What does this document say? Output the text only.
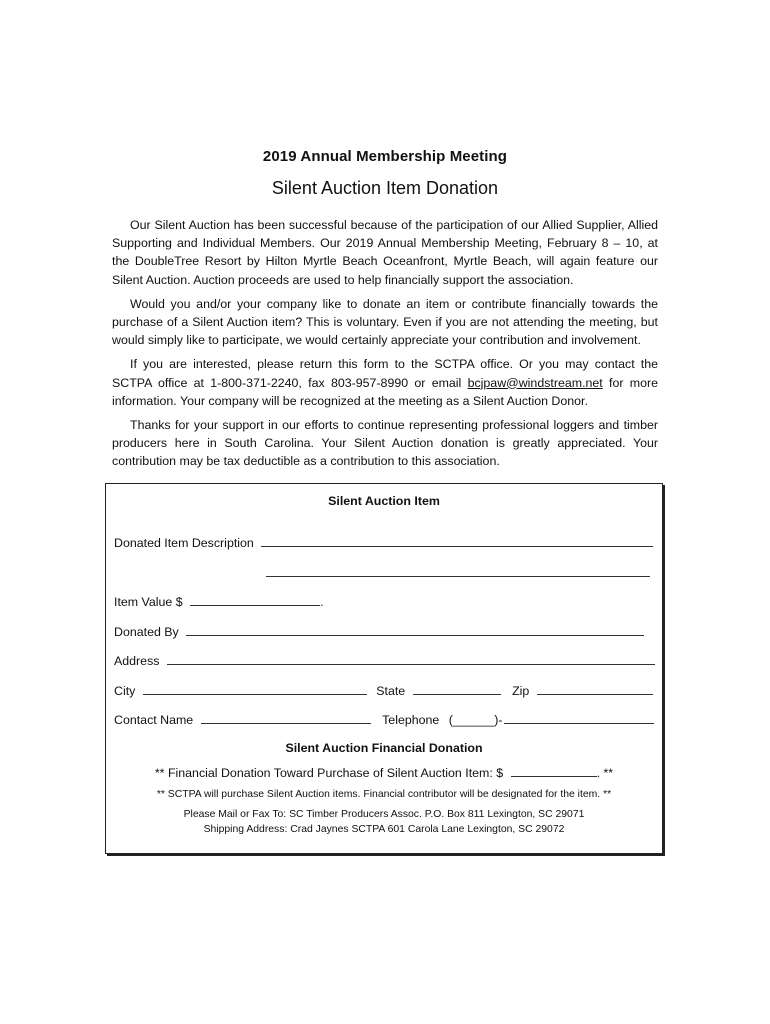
2019 Annual Membership Meeting
Silent Auction Item Donation

Our Silent Auction has been successful because of the participation of our Allied Supplier, Allied Supporting and Individual Members. Our 2019 Annual Membership Meeting, February 8 – 10, at the DoubleTree Resort by Hilton Myrtle Beach Oceanfront, Myrtle Beach, will again feature our Silent Auction. Auction proceeds are used to help financially support the association.

Would you and/or your company like to donate an item or contribute financially towards the purchase of a Silent Auction item? This is voluntary. Even if you are not attending the meeting, but would simply like to participate, we would certainly appreciate your contribution and involvement.

If you are interested, please return this form to the SCTPA office. Or you may contact the SCTPA office at 1-800-371-2240, fax 803-957-8990 or email bcjpaw@windstream.net for more information. Your company will be recognized at the meeting as a Silent Auction Donor.

Thanks for your support in our efforts to continue representing professional loggers and timber producers here in South Carolina. Your Silent Auction donation is greatly appreciated. Your contribution may be tax deductible as a contribution to this association.

Silent Auction Item
Donated Item Description
Item Value $	.
Donated By
Address
City	State	Zip
Contact Name	Telephone (______)-
Silent Auction Financial Donation
** Financial Donation Toward Purchase of Silent Auction Item: $	. **
** SCTPA will purchase Silent Auction items. Financial contributor will be designated for the item. **
Please Mail or Fax To: SC Timber Producers Assoc. P.O. Box 811 Lexington, SC 29071
Shipping Address: Crad Jaynes SCTPA 601 Carola Lane Lexington, SC 29072
